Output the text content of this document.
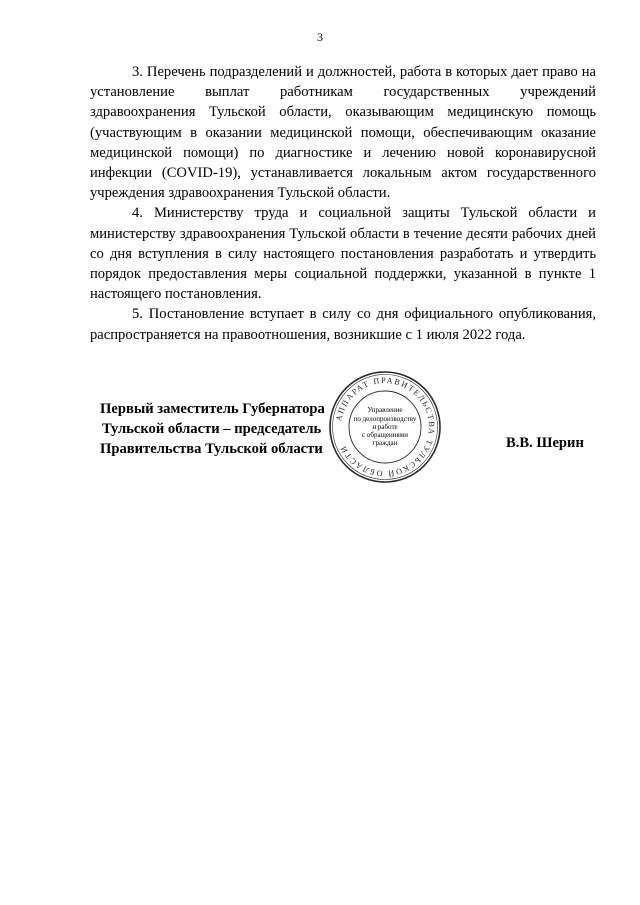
3

3. Перечень подразделений и должностей, работа в которых дает право на установление выплат работникам государственных учреждений здравоохранения Тульской области, оказывающим медицинскую помощь (участвующим в оказании медицинской помощи, обеспечивающим оказание медицинской помощи) по диагностике и лечению новой коронавирусной инфекции (COVID-19), устанавливается локальным актом государственного учреждения здравоохранения Тульской области.

4. Министерству труда и социальной защиты Тульской области и министерству здравоохранения Тульской области в течение десяти рабочих дней со дня вступления в силу настоящего постановления разработать и утвердить порядок предоставления меры социальной поддержки, указанной в пункте 1 настоящего постановления.

5. Постановление вступает в силу со дня официального опубликования, распространяется на правоотношения, возникшие с 1 июля 2022 года.

Первый заместитель Губернатора
Тульской области – председатель
Правительства Тульской области	В.В. Шерин
АППАРАТ ПРАВИТЕЛЬСТВА ТУЛЬСКОЙ ОБЛАСТИ
Управление
по делопроизводству
и работе
с обращениями
граждан
